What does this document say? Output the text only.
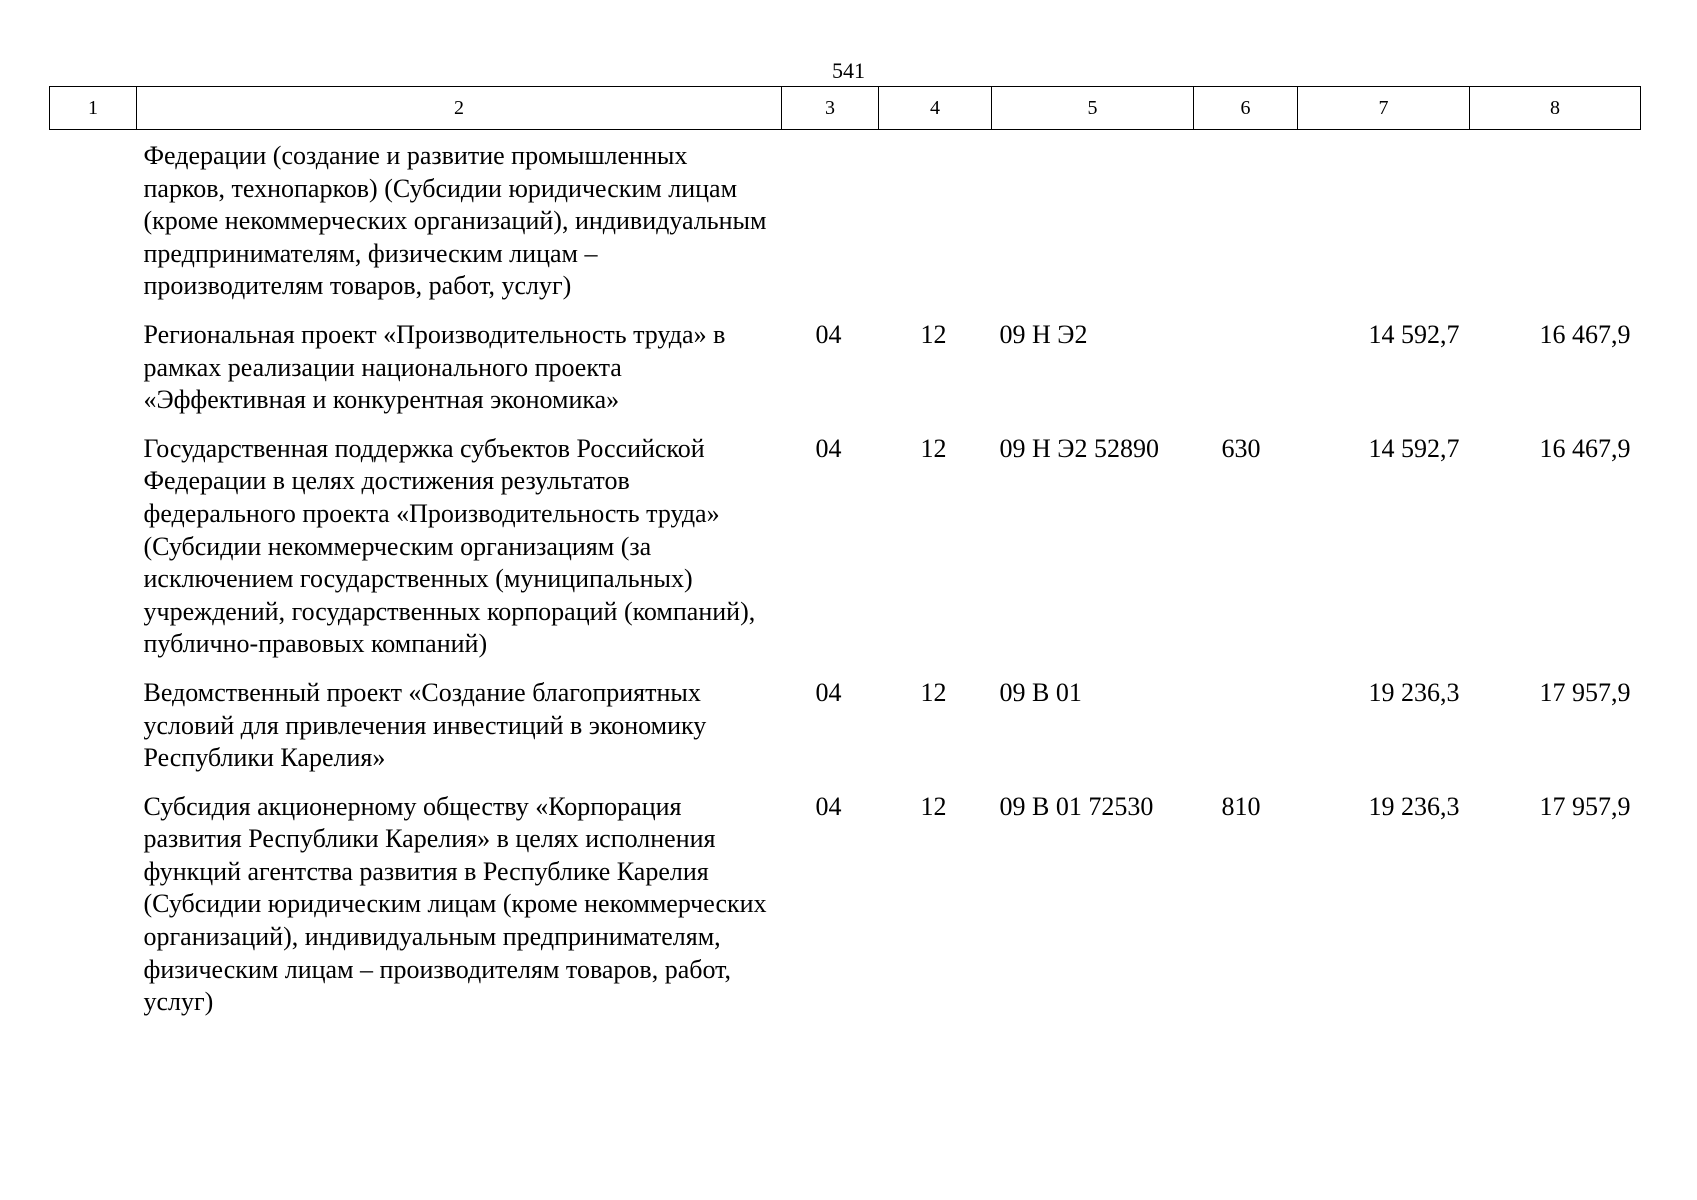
541
1	2	3	4	5	6	7	8
Федерации (создание и развитие промышленных парков, технопарков) (Субсидии юридическим лицам (кроме некоммерческих организаций), индивидуальным предпринимателям, физическим лицам – производителям товаров, работ, услуг)							
Региональная проект «Производительность труда» в рамках реализации национального проекта «Эффективная и конкурентная экономика»		04	12	09 Н Э2		14 592,7	16 467,9
Государственная поддержка субъектов Российской Федерации в целях достижения результатов федерального проекта «Производительность труда» (Субсидии некоммерческим организациям (за исключением государственных (муниципальных) учреждений, государственных корпораций (компаний), публично-правовых компаний)		04	12	09 Н Э2 52890	630	14 592,7	16 467,9
Ведомственный проект «Создание благоприятных условий для привлечения инвестиций в экономику Республики Карелия»		04	12	09 В 01		19 236,3	17 957,9
Субсидия акционерному обществу «Корпорация развития Республики Карелия» в целях исполнения функций агентства развития в Республике Карелия (Субсидии юридическим лицам (кроме некоммерческих организаций), индивидуальным предпринимателям, физическим лицам – производителям товаров, работ, услуг)		04	12	09 В 01 72530	810	19 236,3	17 957,9
